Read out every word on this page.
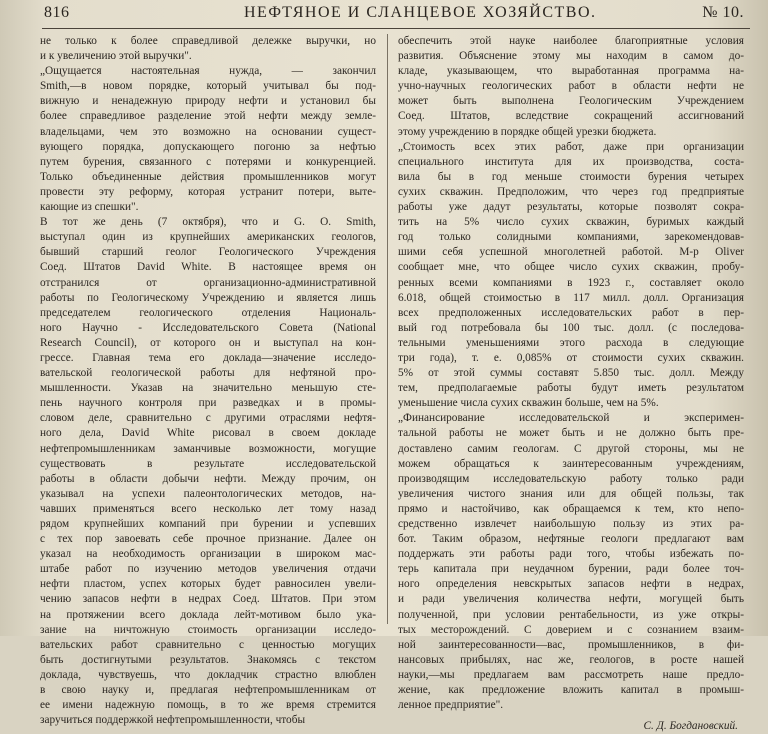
816	НЕФТЯНОЕ И СЛАНЦЕВОЕ ХОЗЯЙСТВО.	№ 10.
не только к более справедливой дележке выручки, но
и к увеличению этой выручки".
„Ощущается настоятельная нужда, — закончил
Smith,—в новом порядке, который учитывал бы под-
вижную и ненадежную природу нефти и установил бы
более справедливое разделение этой нефти между земле-
владельцами, чем это возможно на основании сущест-
вующего порядка, допускающего погоню за нефтью
путем бурения, связанного с потерями и конкуренцией.
Только объединенные действия промышленников могут
провести эту реформу, которая устранит потери, выте-
кающие из спешки".
В тот же день (7 октября), что и G. O. Smith,
выступал один из крупнейших американских геологов,
бывший старший геолог Геологического Учреждения
Соед. Штатов David White. В настоящее время он
отстранился от организационно-административной
работы по Геологическому Учреждению и является лишь
председателем геологического отделения Националь-
ного Научно - Исследовательского Совета (National
Research Council), от которого он и выступал на кон-
грессе. Главная тема его доклада—значение исследо-
вательской геологической работы для нефтяной про-
мышленности. Указав на значительно меньшую сте-
пень научного контроля при разведках и в промы-
словом деле, сравнительно с другими отраслями нефтя-
ного дела, David White рисовал в своем докладе
нефтепромышленникам заманчивые возможности, могущие
существовать в результате исследовательской
работы в области добычи нефти. Между прочим, он
указывал на успехи палеонтологических методов, на-
чавших применяться всего несколько лет тому назад
рядом крупнейших компаний при бурении и успевших
с тех пор завоевать себе прочное признание. Далее он
указал на необходимость организации в широком мас-
штабе работ по изучению методов увеличения отдачи
нефти пластом, успех которых будет равносилен увели-
чению запасов нефти в недрах Соед. Штатов. При этом
на протяжении всего доклада лейт-мотивом было ука-
зание на ничтожную стоимость организации исследо-
вательских работ сравнительно с ценностью могущих
быть достигнутыми результатов. Знакомясь с текстом
доклада, чувствуешь, что докладчик страстно влюблен
в свою науку и, предлагая нефтепромышленникам от
ее имени надежную помощь, в то же время стремится
заручиться поддержкой нефтепромышленности, чтобы
обеспечить этой науке наиболее благоприятные условия
развития. Объяснение этому мы находим в самом до-
кладе, указывающем, что выработанная программа на-
учно-научных геологических работ в области нефти не
может быть выполнена Геологическим Учреждением
Соед. Штатов, вследствие сокращений ассигнований
этому учреждению в порядке общей урезки бюджета.
„Стоимость всех этих работ, даже при организации
специального института для их производства, соста-
вила бы в год меньше стоимости бурения четырех
сухих скважин. Предположим, что через год предприятые
работы уже дадут результаты, которые позволят сокра-
тить на 5% число сухих скважин, буримых каждый
год только солидными компаниями, зарекомендовав-
шими себя успешной многолетней работой. М-р Oliver
сообщает мне, что общее число сухих скважин, пробу-
ренных всеми компаниями в 1923 г., составляет около
6.018, общей стоимостью в 117 милл. долл. Организация
всех предположенных исследовательских работ в пер-
вый год потребовала бы 100 тыс. долл. (с последова-
тельными уменьшениями этого расхода в следующие
три года), т. е. 0,085% от стоимости сухих скважин.
5% от этой суммы составят 5.850 тыс. долл. Между
тем, предполагаемые работы будут иметь результатом
уменьшение числа сухих скважин больше, чем на 5%.
„Финансирование исследовательской и эксперимен-
тальной работы не может быть и не должно быть пре-
доставлено самим геологам. С другой стороны, мы не
можем обращаться к заинтересованным учреждениям,
производящим исследовательскую работу только ради
увеличения чистого знания или для общей пользы, так
прямо и настойчиво, как обращаемся к тем, кто непо-
средственно извлечет наибольшую пользу из этих ра-
бот. Таким образом, нефтяные геологи предлагают вам
поддержать эти работы ради того, чтобы избежать по-
терь капитала при неудачном бурении, ради более точ-
ного определения невскрытых запасов нефти в недрах,
и ради увеличения количества нефти, могущей быть
полученной, при условии рентабельности, из уже откры-
тых месторождений. С доверием и с сознанием взаим-
ной заинтересованности—вас, промышленников, в фи-
нансовых прибылях, нас же, геологов, в росте нашей
науки,—мы предлагаем вам рассмотреть наше предло-
жение, как предложение вложить капитал в промыш-
ленное предприятие".
С. Д. Богдановский.
